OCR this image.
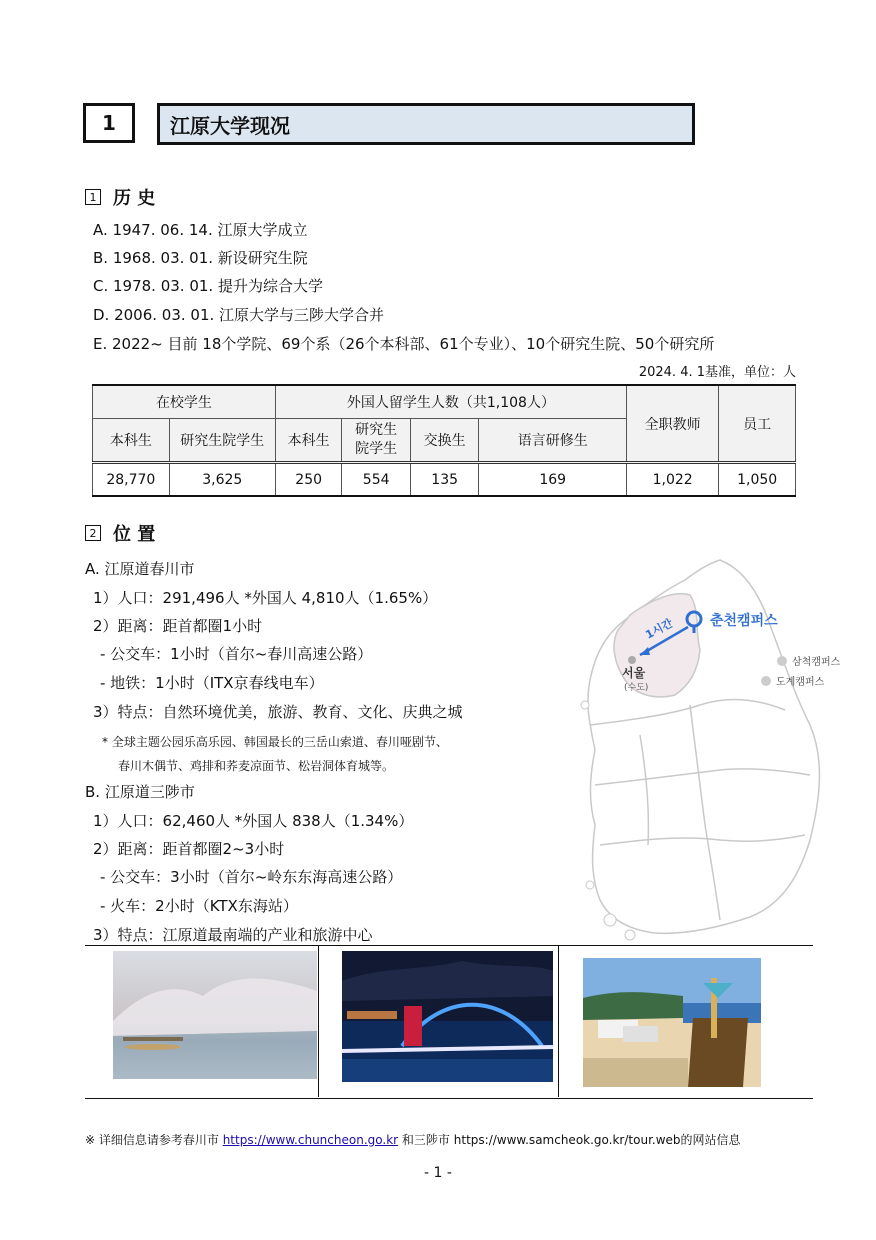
1	江原大学现况
1 历 史
A. 1947. 06. 14. 江原大学成立
B. 1968. 03. 01. 新设研究生院
C. 1978. 03. 01. 提升为综合大学
D. 2006. 03. 01. 江原大学与三陟大学合并
E. 2022~ 目前 18个学院、69个系（26个本科部、61个专业）、10个研究生院、50个研究所
2024. 4. 1基准，单位：人
在校学生		外国人留学生人数（共1,108人）				全职教师	员工
本科生	研究生院学生	本科生	研究生
院学生	交换生	语言研修生		
28,770	3,625	250	554	135	169	1,022	1,050
2 位 置
A. 江原道春川市
1）人口：291,496人 *外国人 4,810人（1.65%）
2）距离：距首都圈1小时
- 公交车：1小时（首尔~春川高速公路）
- 地铁：1小时（ITX京春线电车）
3）特点：自然环境优美，旅游、教育、文化、庆典之城
* 全球主题公园乐高乐园、韩国最长的三岳山索道、春川哑剧节、
春川木偶节、鸡排和荞麦凉面节、松岩洞体育城等。
B. 江原道三陟市
1）人口：62,460人 *外国人 838人（1.34%）
2）距离：距首都圈2~3小时
- 公交车：3小时（首尔~岭东东海高速公路）
- 火车：2小时（KTX东海站）
3）特点：江原道最南端的产业和旅游中心
춘천캠퍼스
1시간
서울
(수도)
삼척캠퍼스
도계캠퍼스
※ 详细信息请参考春川市 https://www.chuncheon.go.kr 和三陟市 https://www.samcheok.go.kr/tour.web的网站信息
- 1 -
